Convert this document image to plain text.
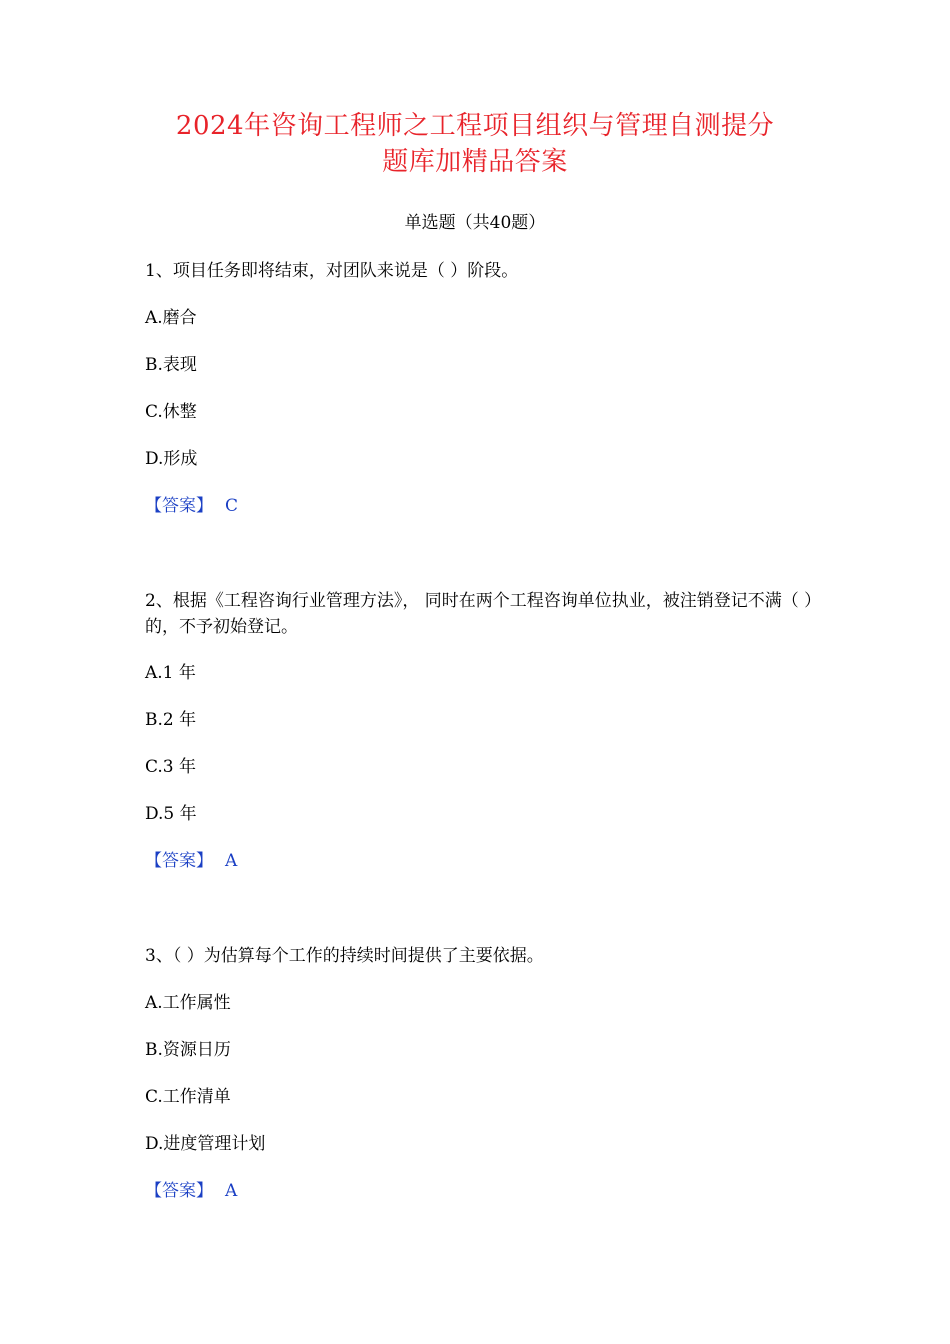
2024年咨询工程师之工程项目组织与管理自测提分
题库加精品答案
单选题（共40题）
1、项目任务即将结束，对团队来说是（ ）阶段。
A.磨合
B.表现
C.休整
D.形成
【答案】 C
2、根据《工程咨询行业管理方法》， 同时在两个工程咨询单位执业，被注销登记不满（ ）的，不予初始登记。
A.1 年
B.2 年
C.3 年
D.5 年
【答案】 A
3、（ ）为估算每个工作的持续时间提供了主要依据。
A.工作属性
B.资源日历
C.工作清单
D.进度管理计划
【答案】 A
